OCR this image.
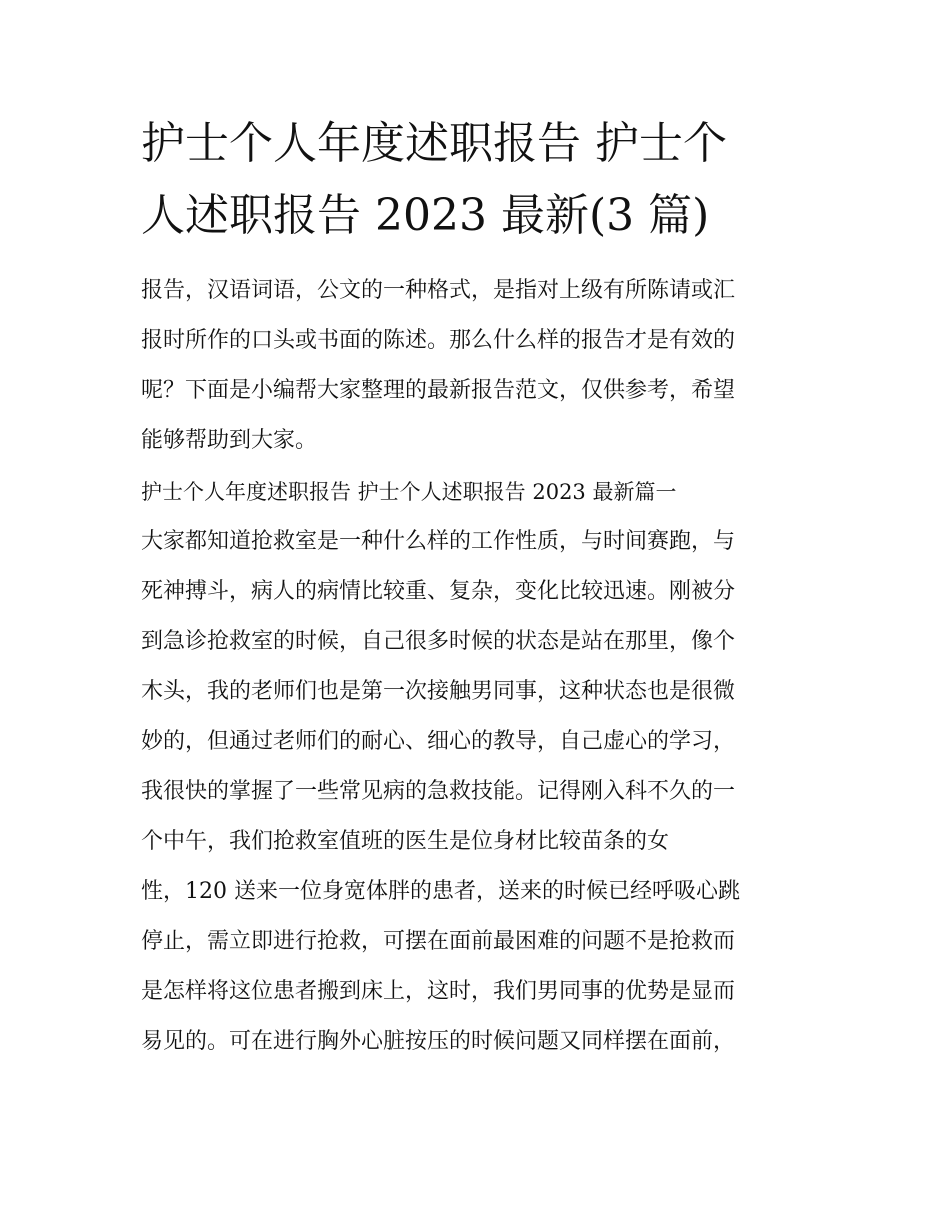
护士个人年度述职报告 护士个
人述职报告 2023 最新(3 篇)
报告，汉语词语，公文的一种格式，是指对上级有所陈请或汇
报时所作的口头或书面的陈述。那么什么样的报告才是有效的
呢？下面是小编帮大家整理的最新报告范文，仅供参考，希望
能够帮助到大家。
护士个人年度述职报告 护士个人述职报告 2023 最新篇一
大家都知道抢救室是一种什么样的工作性质，与时间赛跑，与
死神搏斗，病人的病情比较重、复杂，变化比较迅速。刚被分
到急诊抢救室的时候，自己很多时候的状态是站在那里，像个
木头，我的老师们也是第一次接触男同事，这种状态也是很微
妙的，但通过老师们的耐心、细心的教导，自己虚心的学习，
我很快的掌握了一些常见病的急救技能。记得刚入科不久的一
个中午，我们抢救室值班的医生是位身材比较苗条的女
性，120 送来一位身宽体胖的患者，送来的时候已经呼吸心跳
停止，需立即进行抢救，可摆在面前最困难的问题不是抢救而
是怎样将这位患者搬到床上，这时，我们男同事的优势是显而
易见的。可在进行胸外心脏按压的时候问题又同样摆在面前，
